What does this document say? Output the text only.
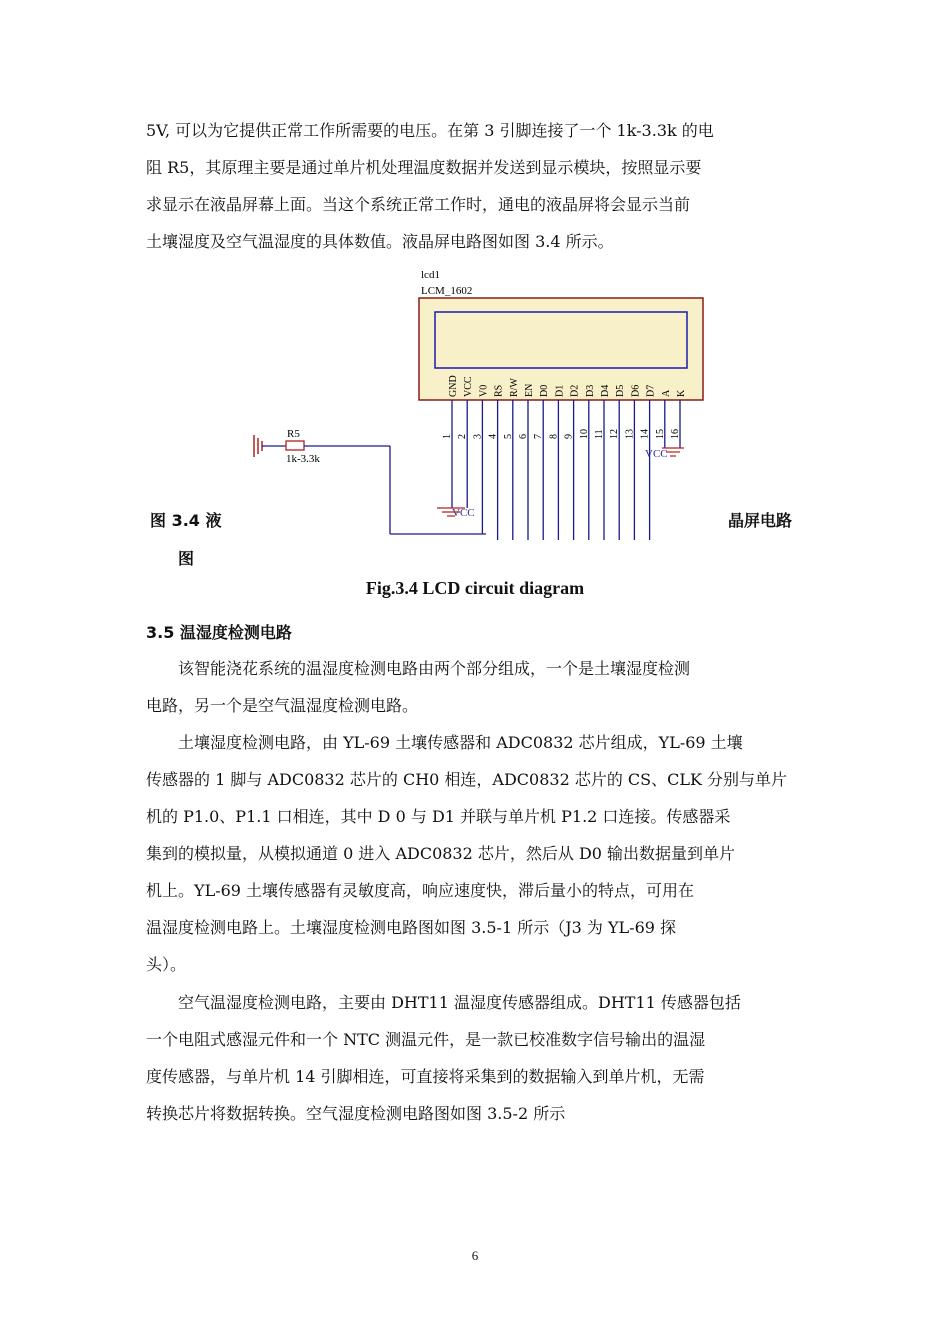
5V, 可以为它提供正常工作所需要的电压。在第 3 引脚连接了一个 1k-3.3k 的电
阻 R5，其原理主要是通过单片机处理温度数据并发送到显示模块，按照显示要
求显示在液晶屏幕上面。当这个系统正常工作时，通电的液晶屏将会显示当前
土壤湿度及空气温湿度的具体数值。液晶屏电路图如图 3.4 所示。
lcd1
LCM_1602
GND VCC V0 RS R/W EN D0 D1 D2 D3 D4 D5 D6 D7 A K
1 2 3 4 5 6 7 8 9 10 11 12 13 14 15 16
VCC
VCC
R5
1k-3.3k
图 3.4 液
图
晶屏电路
Fig.3.4 LCD circuit diagram
3.5 温湿度检测电路
　　该智能浇花系统的温湿度检测电路由两个部分组成，一个是土壤湿度检测
电路，另一个是空气温湿度检测电路。
　　土壤湿度检测电路，由 YL-69 土壤传感器和 ADC0832 芯片组成，YL-69 土壤
传感器的 1 脚与 ADC0832 芯片的 CH0 相连，ADC0832 芯片的 CS、CLK 分别与单片
机的 P1.0、P1.1 口相连，其中 D 0 与 D1 并联与单片机 P1.2 口连接。传感器采
集到的模拟量，从模拟通道 0 进入 ADC0832 芯片，然后从 D0 输出数据量到单片
机上。YL-69 土壤传感器有灵敏度高，响应速度快，滞后量小的特点，可用在
温湿度检测电路上。土壤湿度检测电路图如图 3.5-1 所示（J3 为 YL-69 探
头）。
　　空气温湿度检测电路，主要由 DHT11 温湿度传感器组成。DHT11 传感器包括
一个电阻式感湿元件和一个 NTC 测温元件，是一款已校准数字信号输出的温湿
度传感器，与单片机 14 引脚相连，可直接将采集到的数据输入到单片机，无需
转换芯片将数据转换。空气湿度检测电路图如图 3.5-2 所示
6
